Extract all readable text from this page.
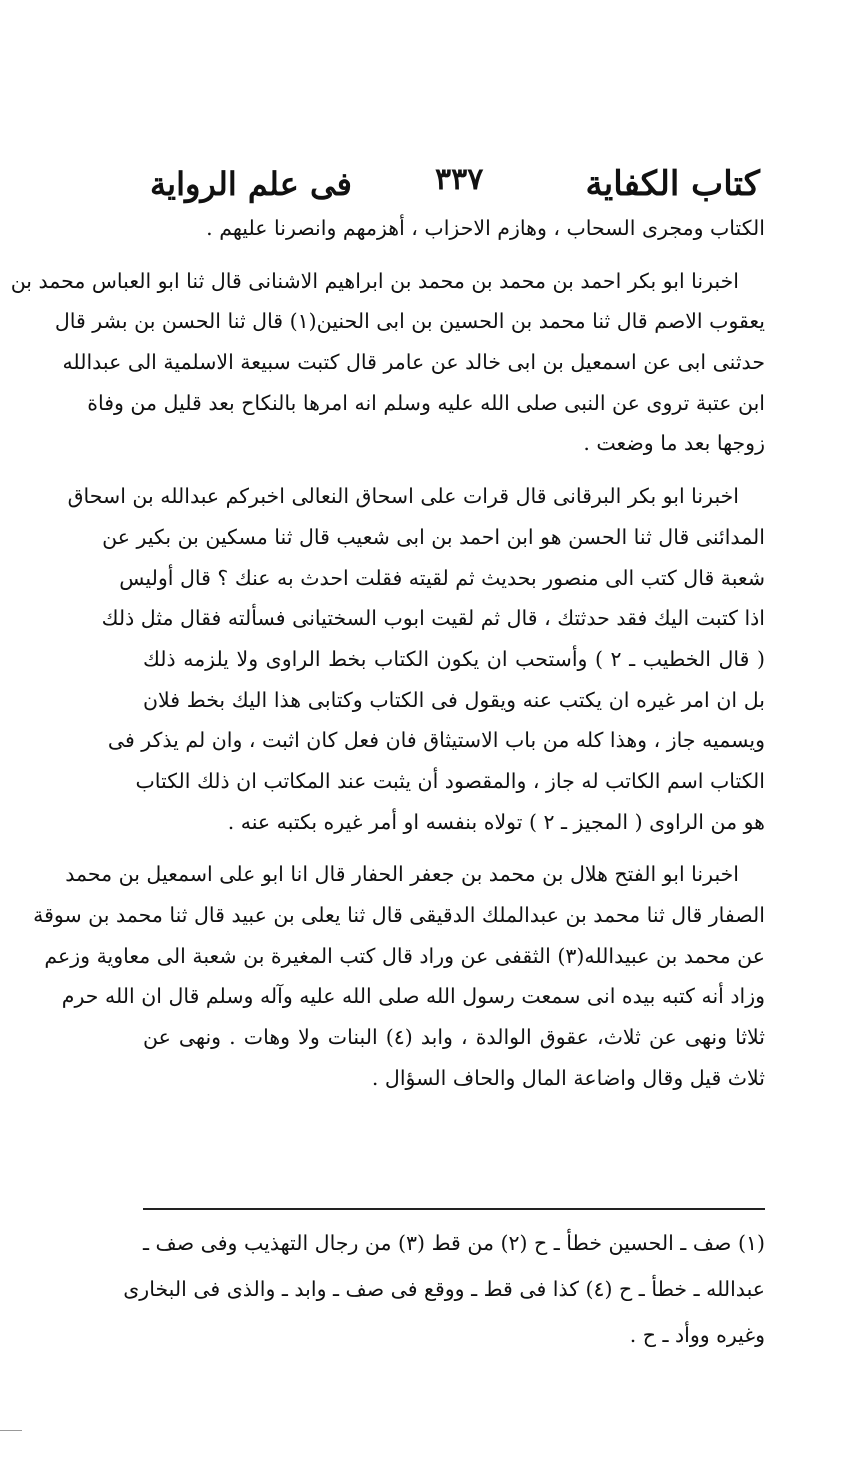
كتاب الكفاية
٣٣٧
فى علم الرواية
الكتاب ومجرى السحاب ، وهازم الاحزاب ، أهزمهم وانصرنا عليهم .
اخبرنا ابو بكر احمد بن محمد بن محمد بن ابراهيم الاشنانى قال ثنا ابو العباس محمد بن
يعقوب الاصم قال ثنا محمد بن الحسين بن ابى الحنين(١) قال ثنا الحسن بن بشر قال
حدثنى ابى عن اسمعيل بن ابى خالد عن عامر قال كتبت سبيعة الاسلمية الى عبدالله
ابن عتبة تروى عن النبى صلى الله عليه وسلم انه امرها بالنكاح بعد قليل من وفاة
زوجها بعد ما وضعت .
اخبرنا ابو بكر البرقانى قال قرات على اسحاق النعالى اخبركم عبدالله بن اسحاق
المدائنى قال ثنا الحسن هو ابن احمد بن ابى شعيب قال ثنا مسكين بن بكير عن
شعبة قال كتب الى منصور بحديث ثم لقيته فقلت احدث به عنك ؟ قال أوليس
اذا كتبت اليك فقد حدثتك ، قال ثم لقيت ابوب السختيانى فسألته فقال مثل ذلك
( قال الخطيب ـ ٢ ) وأستحب ان يكون الكتاب بخط الراوى ولا يلزمه ذلك
بل ان امر غيره ان يكتب عنه ويقول فى الكتاب وكتابى هذا اليك بخط فلان
ويسميه جاز ، وهذا كله من باب الاستيثاق فان فعل كان اثبت ، وان لم يذكر فى
الكتاب اسم الكاتب له جاز ، والمقصود أن يثبت عند المكاتب ان ذلك الكتاب
هو من الراوى ( المجيز ـ ٢ ) تولاه بنفسه او أمر غيره بكتبه عنه .
اخبرنا ابو الفتح هلال بن محمد بن جعفر الحفار قال انا ابو على اسمعيل بن محمد
الصفار قال ثنا محمد بن عبدالملك الدقيقى قال ثنا يعلى بن عبيد قال ثنا محمد بن سوقة
عن محمد بن عبيدالله(٣) الثقفى عن وراد قال كتب المغيرة بن شعبة الى معاوية وزعم
وزاد أنه كتبه بيده انى سمعت رسول الله صلى الله عليه وآله وسلم قال ان الله حرم
ثلاثا ونهى عن ثلاث، عقوق الوالدة ، وابد (٤) البنات ولا وهات . ونهى عن
ثلاث قيل وقال واضاعة المال والحاف السؤال .
(١) صف ـ الحسين خطأ ـ ح (٢) من قط (٣) من رجال التهذيب وفى صف ـ
عبدالله ـ خطأ ـ ح (٤) كذا فى قط ـ ووقع فى صف ـ وابد ـ والذى فى البخارى
وغيره ووأد ـ ح .
